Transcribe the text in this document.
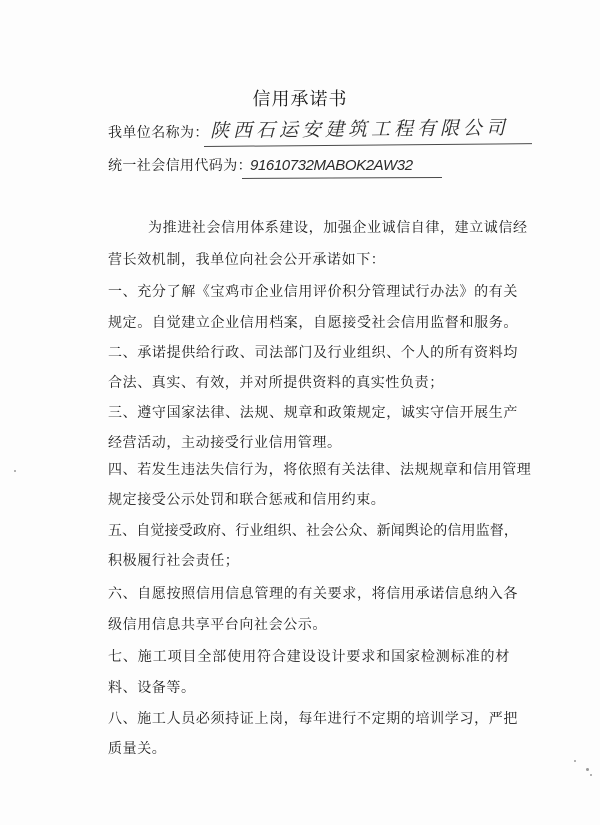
信用承诺书
我单位名称为： 陕西石运安建筑工程有限公司
统一社会信用代码为：
91610732MABOK2AW32
为推进社会信用体系建设，加强企业诚信自律，建立诚信经
营长效机制，我单位向社会公开承诺如下：
一、充分了解《宝鸡市企业信用评价积分管理试行办法》的有关
规定。自觉建立企业信用档案，自愿接受社会信用监督和服务。
二、承诺提供给行政、司法部门及行业组织、个人的所有资料均
合法、真实、有效，并对所提供资料的真实性负责；
三、遵守国家法律、法规、规章和政策规定，诚实守信开展生产
经营活动，主动接受行业信用管理。
四、若发生违法失信行为，将依照有关法律、法规规章和信用管理
规定接受公示处罚和联合惩戒和信用约束。
五、自觉接受政府、行业组织、社会公众、新闻舆论的信用监督，
积极履行社会责任；
六、自愿按照信用信息管理的有关要求，将信用承诺信息纳入各
级信用信息共享平台向社会公示。
七、施工项目全部使用符合建设设计要求和国家检测标准的材
料、设备等。
八、施工人员必须持证上岗，每年进行不定期的培训学习，严把
质量关。
